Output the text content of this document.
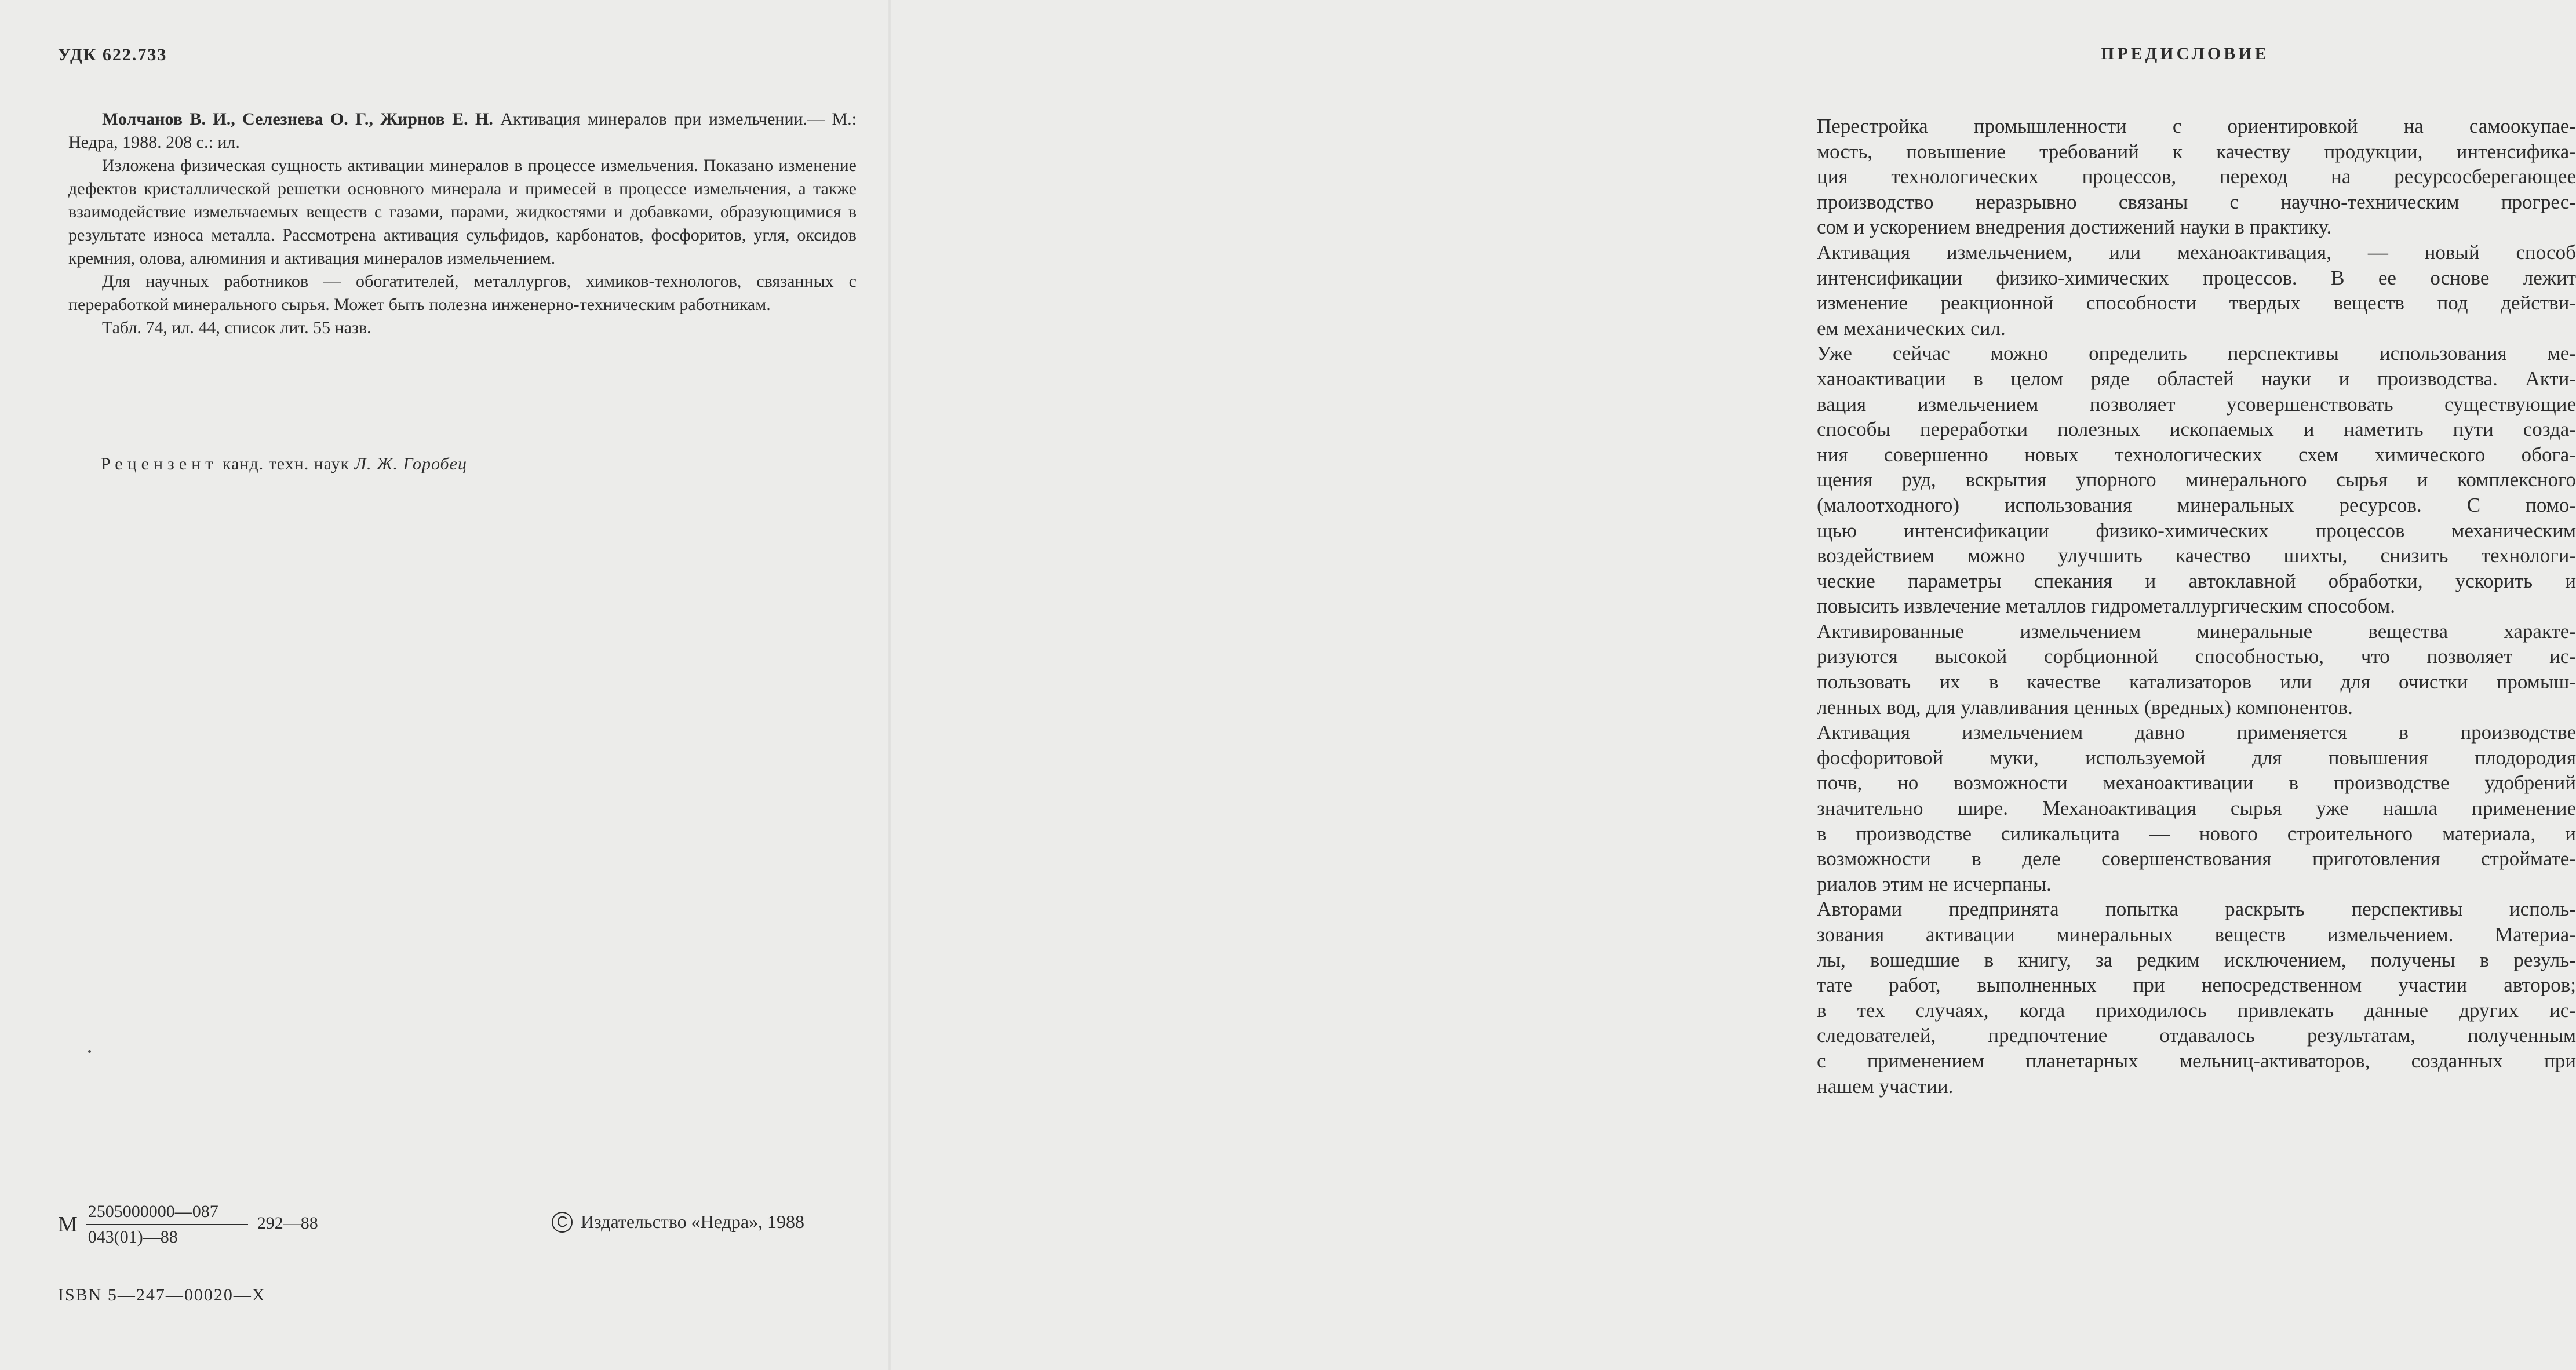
УДК 622.733

Молчанов В. И., Селезнева О. Г., Жирнов Е. Н. Активация минералов при измельчении.— М.: Недра, 1988. 208 с.: ил.

Изложена физическая сущность активации минералов в процессе измельчения. Показано изменение дефектов кристаллической решетки основного минерала и примесей в процессе измельчения, а также взаимодействие измельчаемых веществ с газами, парами, жидкостями и добавками, образующимися в результате износа металла. Рассмотрена активация сульфидов, карбонатов, фосфоритов, угля, оксидов кремния, олова, алюминия и активация минералов измельчением.

Для научных работников — обогатителей, металлургов, химиков-технологов, связанных с переработкой минерального сырья. Может быть полезна инженерно-техническим работникам.

Табл. 74, ил. 44, список лит. 55 назв.

Рецензент канд. техн. наук Л. Ж. Горобец
М $\frac{2505000000—087}{043(01)—88}$ 292—88	C Издательство «Недра», 1988
ISBN 5—247—00020—X
ПРЕДИСЛОВИЕ

Перестройка промышленности с ориентировкой на самоокупае-
мость, повышение требований к качеству продукции, интенсифика-
ция технологических процессов, переход на ресурсосберегающее
производство неразрывно связаны с научно-техническим прогрес-
сом и ускорением внедрения достижений науки в практику.

Активация измельчением, или механоактивация, — новый способ
интенсификации физико-химических процессов. В ее основе лежит
изменение реакционной способности твердых веществ под действи-
ем механических сил.

Уже сейчас можно определить перспективы использования ме-
ханоактивации в целом ряде областей науки и производства. Акти-
вация измельчением позволяет усовершенствовать существующие
способы переработки полезных ископаемых и наметить пути созда-
ния совершенно новых технологических схем химического обога-
щения руд, вскрытия упорного минерального сырья и комплексного
(малоотходного) использования минеральных ресурсов. С помо-
щью интенсификации физико-химических процессов механическим
воздействием можно улучшить качество шихты, снизить технологи-
ческие параметры спекания и автоклавной обработки, ускорить и
повысить извлечение металлов гидрометаллургическим способом.

Активированные измельчением минеральные вещества характе-
ризуются высокой сорбционной способностью, что позволяет ис-
пользовать их в качестве катализаторов или для очистки промыш-
ленных вод, для улавливания ценных (вредных) компонентов.

Активация измельчением давно применяется в производстве
фосфоритовой муки, используемой для повышения плодородия
почв, но возможности механоактивации в производстве удобрений
значительно шире. Механоактивация сырья уже нашла применение
в производстве силикальцита — нового строительного материала, и
возможности в деле совершенствования приготовления строймате-
риалов этим не исчерпаны.

Авторами предпринята попытка раскрыть перспективы исполь-
зования активации минеральных веществ измельчением. Материа-
лы, вошедшие в книгу, за редким исключением, получены в резуль-
тате работ, выполненных при непосредственном участии авторов;
в тех случаях, когда приходилось привлекать данные других ис-
следователей, предпочтение отдавалось результатам, полученным
с применением планетарных мельниц-активаторов, созданных при
нашем участии.
